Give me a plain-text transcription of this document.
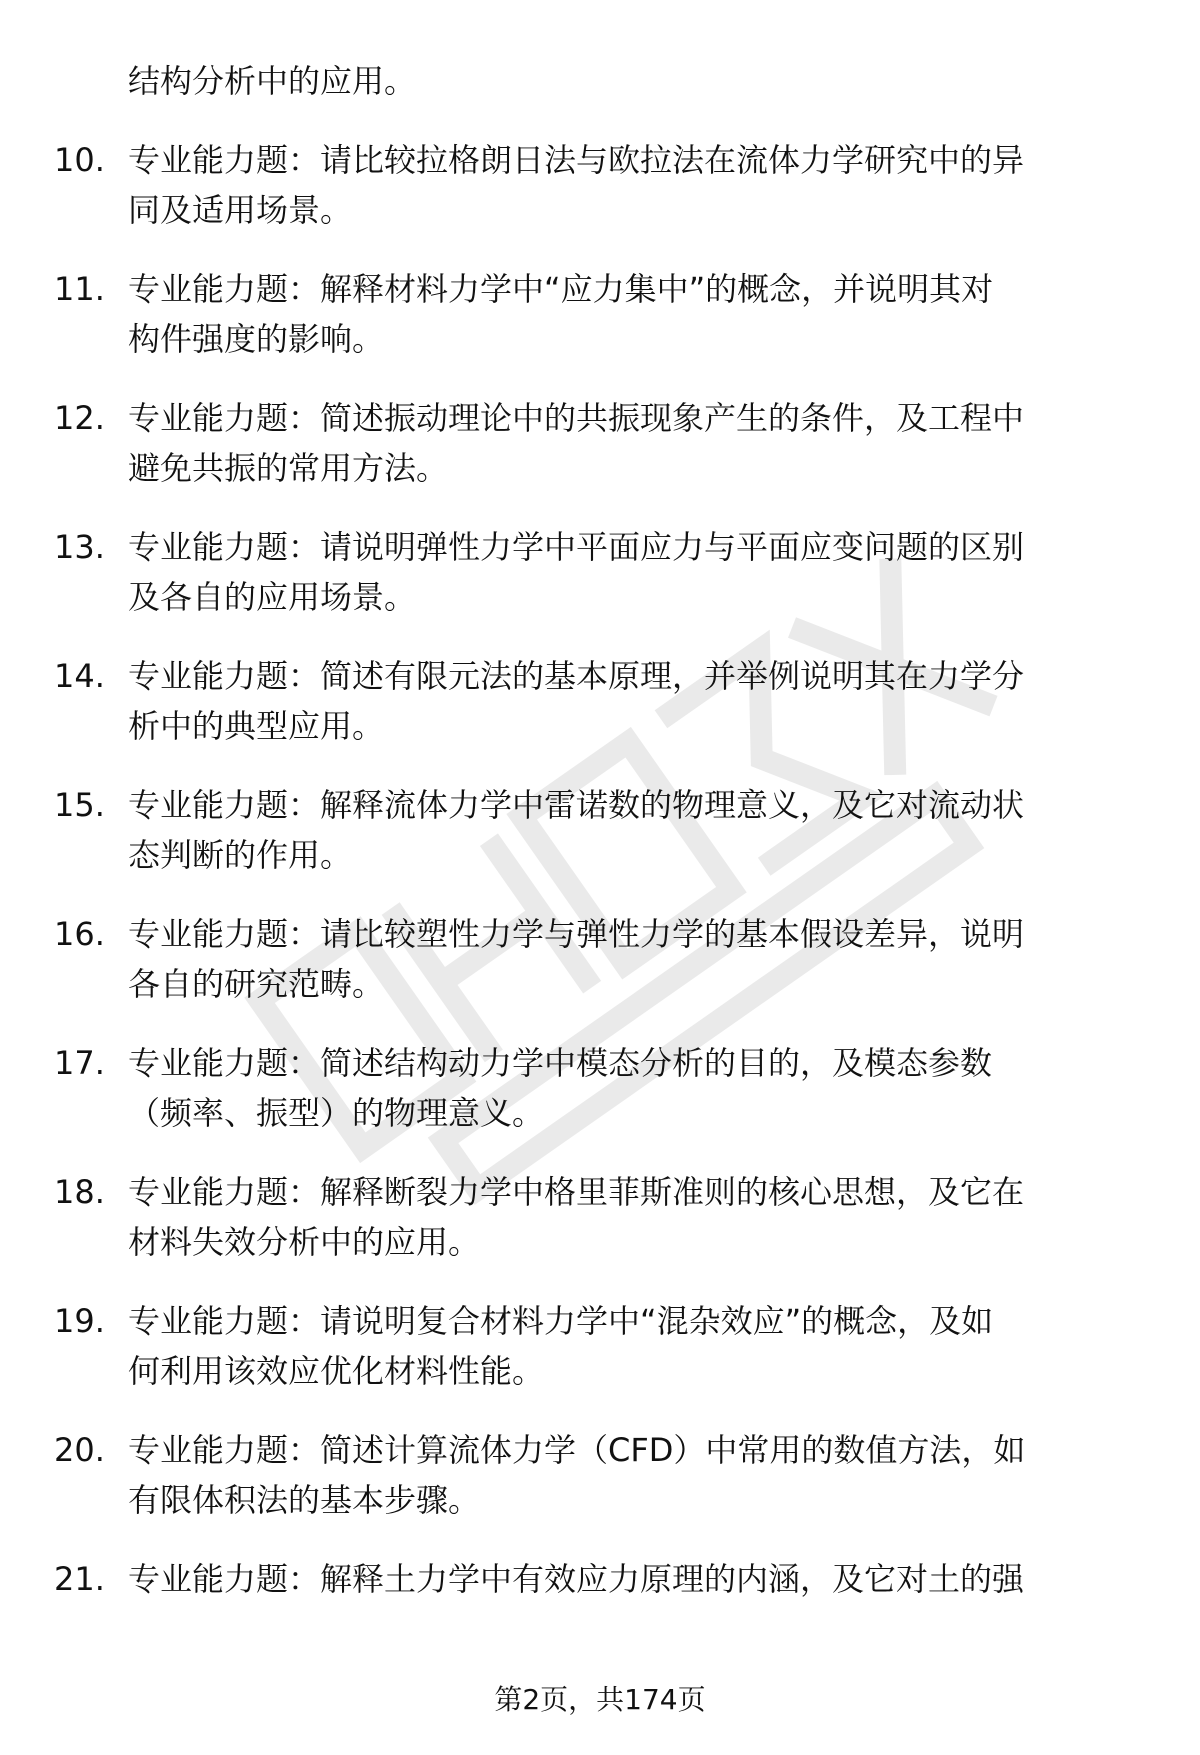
结构分析中的应用。
10. 专业能力题：请比较拉格朗日法与欧拉法在流体力学研究中的异
同及适用场景。
11. 专业能力题：解释材料力学中“应力集中”的概念，并说明其对
构件强度的影响。
12. 专业能力题：简述振动理论中的共振现象产生的条件，及工程中
避免共振的常用方法。
13. 专业能力题：请说明弹性力学中平面应力与平面应变问题的区别
及各自的应用场景。
14. 专业能力题：简述有限元法的基本原理，并举例说明其在力学分
析中的典型应用。
15. 专业能力题：解释流体力学中雷诺数的物理意义，及它对流动状
态判断的作用。
16. 专业能力题：请比较塑性力学与弹性力学的基本假设差异，说明
各自的研究范畴。
17. 专业能力题：简述结构动力学中模态分析的目的，及模态参数
（频率、振型）的物理意义。
18. 专业能力题：解释断裂力学中格里菲斯准则的核心思想，及它在
材料失效分析中的应用。
19. 专业能力题：请说明复合材料力学中“混杂效应”的概念，及如
何利用该效应优化材料性能。
20. 专业能力题：简述计算流体力学（CFD）中常用的数值方法，如
有限体积法的基本步骤。
21. 专业能力题：解释土力学中有效应力原理的内涵，及它对土的强
第2页，共174页
